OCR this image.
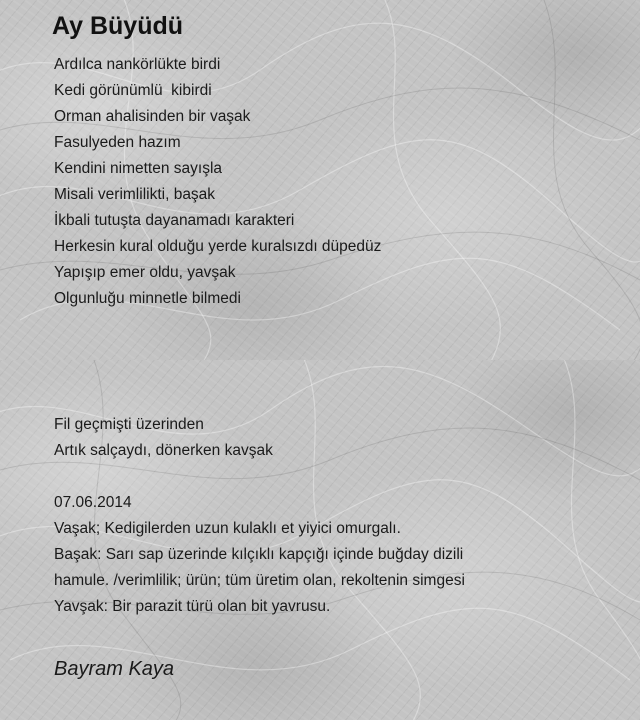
Ay Büyüdü
Ardılca nankörlükte birdi
Kedi görünümlü  kibirdi
Orman ahalisinden bir vaşak
Fasulyeden hazım
Kendini nimetten sayışla
Misali verimlilikti, başak
İkbali tutuşta dayanamadı karakteri
Herkesin kural olduğu yerde kuralsızdı düpedüz
Yapışıp emer oldu, yavşak
Olgunluğu minnetle bilmedi
Fil geçmişti üzerinden
Artık salçaydı, dönerken kavşak
07.06.2014
Vaşak; Kedigilerden uzun kulaklı et yiyici omurgalı.
Başak: Sarı sap üzerinde kılçıklı kapçığı içinde buğday dizili
hamule. /verimlilik; ürün; tüm üretim olan, rekoltenin simgesi
Yavşak: Bir parazit türü olan bit yavrusu.
Bayram Kaya
